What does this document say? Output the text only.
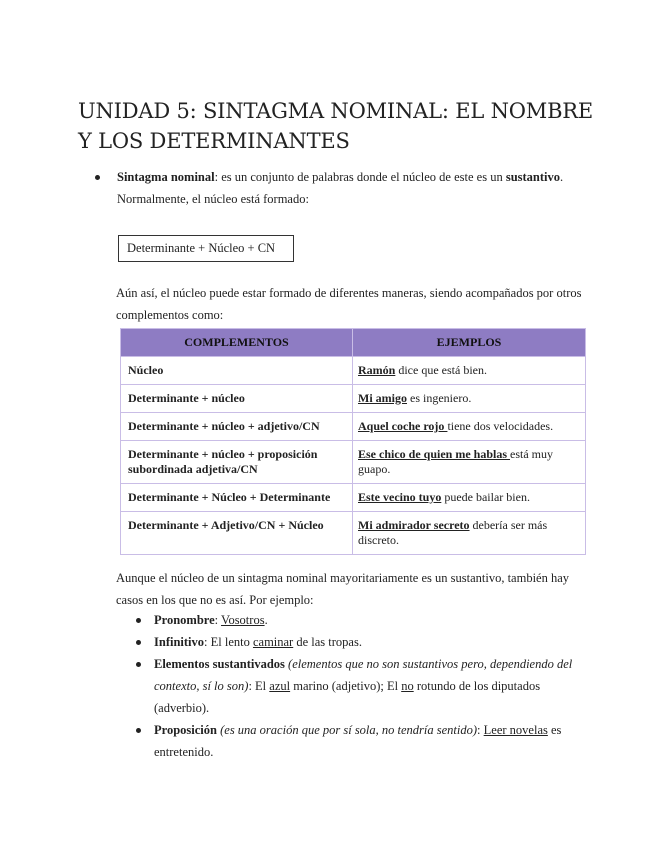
UNIDAD 5: SINTAGMA NOMINAL: EL NOMBRE Y LOS DETERMINANTES
Sintagma nominal: es un conjunto de palabras donde el núcleo de este es un sustantivo. Normalmente, el núcleo está formado:
Determinante + Núcleo + CN
Aún así, el núcleo puede estar formado de diferentes maneras, siendo acompañados por otros complementos como:
COMPLEMENTOS	EJEMPLOS
Núcleo	Ramón dice que está bien.
Determinante + núcleo	Mi amigo es ingeniero.
Determinante + núcleo + adjetivo/CN	Aquel coche rojo tiene dos velocidades.
Determinante + núcleo + proposición subordinada adjetiva/CN	Ese chico de quien me hablas está muy guapo.
Determinante + Núcleo + Determinante	Este vecino tuyo puede bailar bien.
Determinante + Adjetivo/CN + Núcleo	Mi admirador secreto debería ser más discreto.
Aunque el núcleo de un sintagma nominal mayoritariamente es un sustantivo, también hay casos en los que no es así. Por ejemplo:
Pronombre: Vosotros.
Infinitivo: El lento caminar de las tropas.
Elementos sustantivados (elementos que no son sustantivos pero, dependiendo del contexto, sí lo son): El azul marino (adjetivo); El no rotundo de los diputados (adverbio).
Proposición (es una oración que por sí sola, no tendría sentido): Leer novelas es entretenido.
